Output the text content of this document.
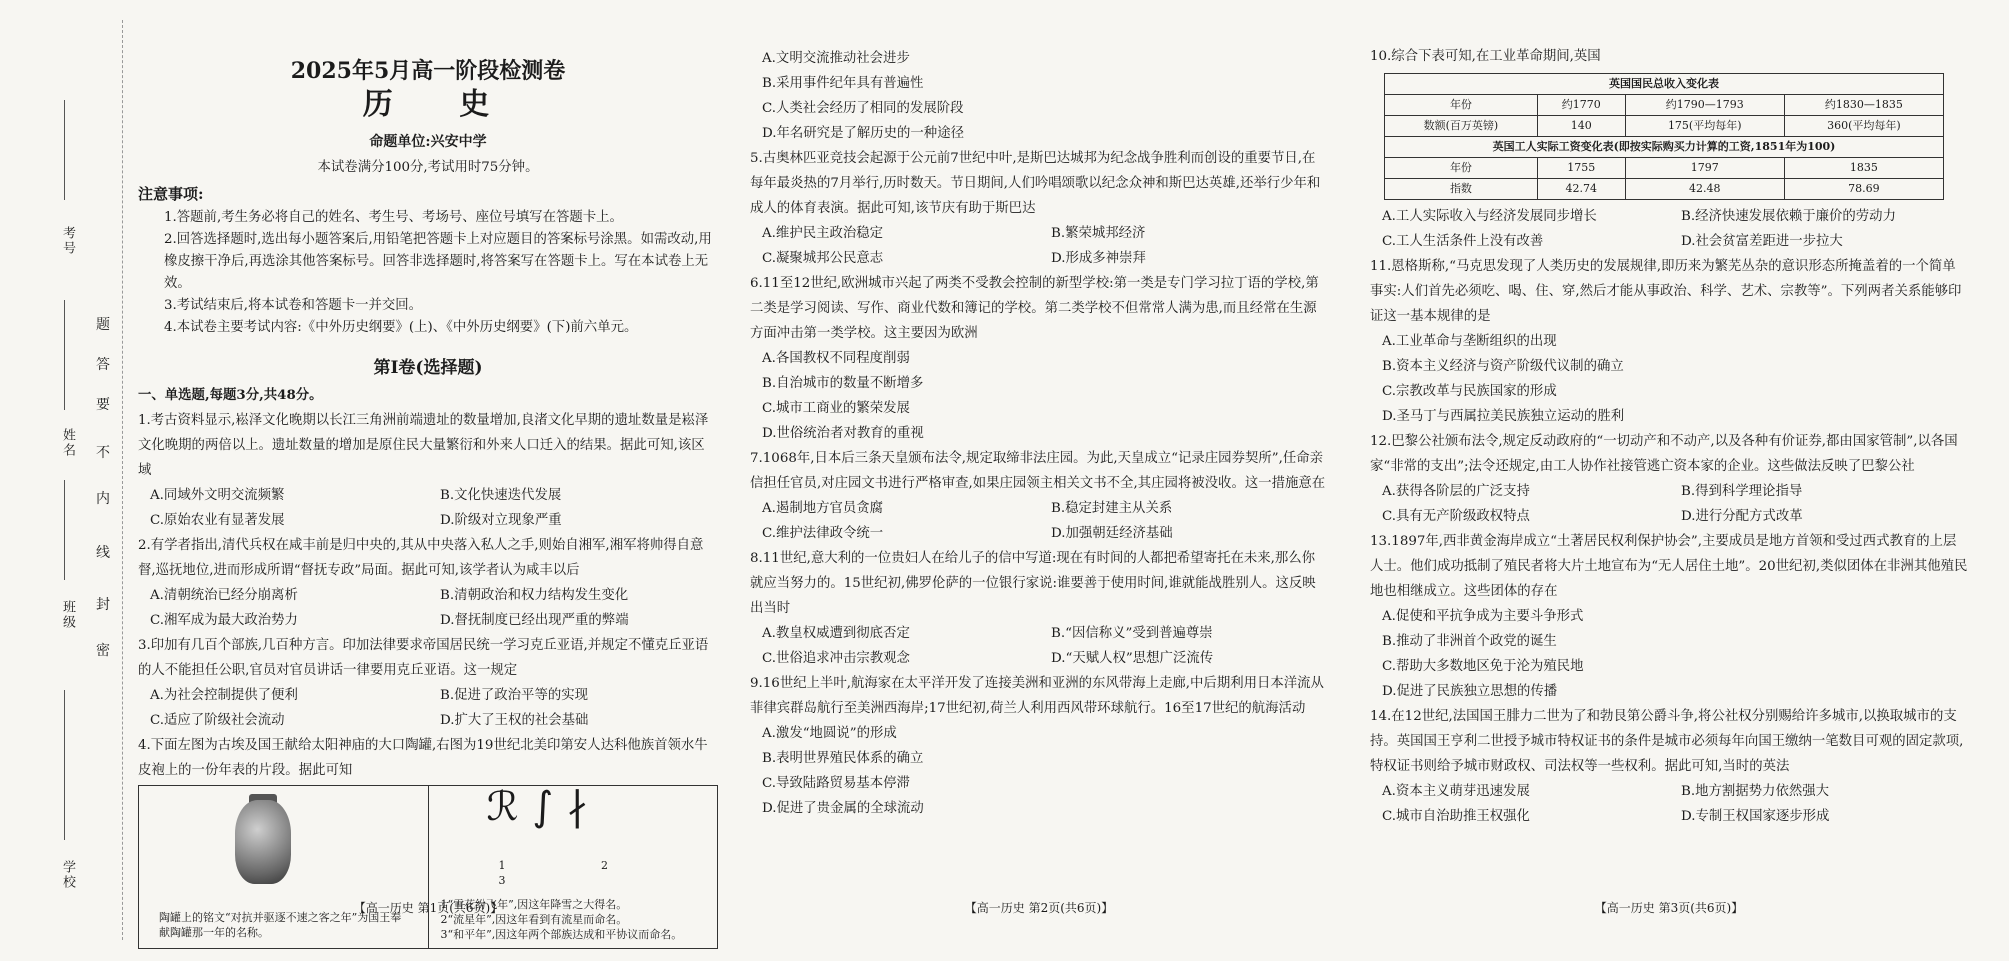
考号
姓名
班级
学校
密
封
线
内
不
要
答
题
2025年5月高一阶段检测卷
历 史
命题单位:兴安中学
本试卷满分100分,考试用时75分钟。
注意事项:
1.答题前,考生务必将自己的姓名、考生号、考场号、座位号填写在答题卡上。
2.回答选择题时,选出每小题答案后,用铅笔把答题卡上对应题目的答案标号涂黑。如需改动,用橡皮擦干净后,再选涂其他答案标号。回答非选择题时,将答案写在答题卡上。写在本试卷上无效。
3.考试结束后,将本试卷和答题卡一并交回。
4.本试卷主要考试内容:《中外历史纲要》(上)、《中外历史纲要》(下)前六单元。
第Ⅰ卷(选择题)
一、单选题,每题3分,共48分。
1.考古资料显示,崧泽文化晚期以长江三角洲前端遗址的数量增加,良渚文化早期的遗址数量是崧泽文化晚期的两倍以上。遗址数量的增加是原住民大量繁衍和外来人口迁入的结果。据此可知,该区域
A.同域外文明交流频繁	B.文化快速迭代发展
C.原始农业有显著发展	D.阶级对立现象严重
2.有学者指出,清代兵权在咸丰前是归中央的,其从中央落入私人之手,则始自湘军,湘军将帅得自意督,巡抚地位,进而形成所谓“督抚专政”局面。据此可知,该学者认为咸丰以后
A.清朝统治已经分崩离析	B.清朝政治和权力结构发生变化
C.湘军成为最大政治势力	D.督抚制度已经出现严重的弊端
3.印加有几百个部族,几百种方言。印加法律要求帝国居民统一学习克丘亚语,并规定不懂克丘亚语的人不能担任公职,官员对官员讲话一律要用克丘亚语。这一规定
A.为社会控制提供了便利	B.促进了政治平等的实现
C.适应了阶级社会流动	D.扩大了王权的社会基础
4.下面左图为古埃及国王献给太阳神庙的大口陶罐,右图为19世纪北美印第安人达科他族首领水牛皮袍上的一份年表的片段。据此可知
陶罐上的铭文“对抗并驱逐不速之客之年”为国王奉献陶罐那一年的名称。
ℛ∫∤
1 2 3
1“雪花纷飞年”,因这年降雪之大得名。
2“流星年”,因这年看到有流星而命名。
3“和平年”,因这年两个部族达成和平协议而命名。
【高一历史 第1页(共6页)】
A.文明交流推动社会进步
B.采用事件纪年具有普遍性
C.人类社会经历了相同的发展阶段
D.年名研究是了解历史的一种途径
5.古奥林匹亚竞技会起源于公元前7世纪中叶,是斯巴达城邦为纪念战争胜利而创设的重要节日,在每年最炎热的7月举行,历时数天。节日期间,人们吟唱颂歌以纪念众神和斯巴达英雄,还举行少年和成人的体育表演。据此可知,该节庆有助于斯巴达
A.维护民主政治稳定	B.繁荣城邦经济
C.凝聚城邦公民意志	D.形成多神崇拜
6.11至12世纪,欧洲城市兴起了两类不受教会控制的新型学校:第一类是专门学习拉丁语的学校,第二类是学习阅读、写作、商业代数和簿记的学校。第二类学校不但常常人满为患,而且经常在生源方面冲击第一类学校。这主要因为欧洲
A.各国教权不同程度削弱
B.自治城市的数量不断增多
C.城市工商业的繁荣发展
D.世俗统治者对教育的重视
7.1068年,日本后三条天皇颁布法令,规定取缔非法庄园。为此,天皇成立“记录庄园券契所”,任命亲信担任官员,对庄园文书进行严格审查,如果庄园领主相关文书不全,其庄园将被没收。这一措施意在
A.遏制地方官员贪腐	B.稳定封建主从关系
C.维护法律政令统一	D.加强朝廷经济基础
8.11世纪,意大利的一位贵妇人在给儿子的信中写道:现在有时间的人都把希望寄托在未来,那么你就应当努力的。15世纪初,佛罗伦萨的一位银行家说:谁要善于使用时间,谁就能战胜别人。这反映出当时
A.教皇权威遭到彻底否定	B.“因信称义”受到普遍尊崇
C.世俗追求冲击宗教观念	D.“天赋人权”思想广泛流传
9.16世纪上半叶,航海家在太平洋开发了连接美洲和亚洲的东风带海上走廊,中后期利用日本洋流从菲律宾群岛航行至美洲西海岸;17世纪初,荷兰人利用西风带环球航行。16至17世纪的航海活动
A.激发“地圆说”的形成
B.表明世界殖民体系的确立
C.导致陆路贸易基本停滞
D.促进了贵金属的全球流动
【高一历史 第2页(共6页)】
10.综合下表可知,在工业革命期间,英国
英国国民总收入变化表			
年份	约1770	约1790—1793	约1830—1835
数额(百万英镑)	140	175(平均每年)	360(平均每年)
英国工人实际工资变化表(即按实际购买力计算的工资,1851年为100)			
年份	1755	1797	1835
指数	42.74	42.48	78.69
A.工人实际收入与经济发展同步增长	B.经济快速发展依赖于廉价的劳动力
C.工人生活条件上没有改善	D.社会贫富差距进一步拉大
11.恩格斯称,“马克思发现了人类历史的发展规律,即历来为繁芜丛杂的意识形态所掩盖着的一个简单事实:人们首先必须吃、喝、住、穿,然后才能从事政治、科学、艺术、宗教等”。下列两者关系能够印证这一基本规律的是
A.工业革命与垄断组织的出现
B.资本主义经济与资产阶级代议制的确立
C.宗教改革与民族国家的形成
D.圣马丁与西属拉美民族独立运动的胜利
12.巴黎公社颁布法令,规定反动政府的“一切动产和不动产,以及各种有价证券,都由国家管制”,以各国家“非常的支出”;法令还规定,由工人协作社接管逃亡资本家的企业。这些做法反映了巴黎公社
A.获得各阶层的广泛支持	B.得到科学理论指导
C.具有无产阶级政权特点	D.进行分配方式改革
13.1897年,西非黄金海岸成立“土著居民权利保护协会”,主要成员是地方首领和受过西式教育的上层人士。他们成功抵制了殖民者将大片土地宣布为“无人居住土地”。20世纪初,类似团体在非洲其他殖民地也相继成立。这些团体的存在
A.促使和平抗争成为主要斗争形式
B.推动了非洲首个政党的诞生
C.帮助大多数地区免于沦为殖民地
D.促进了民族独立思想的传播
14.在12世纪,法国国王腓力二世为了和勃艮第公爵斗争,将公社权分别赐给许多城市,以换取城市的支持。英国国王亨利二世授予城市特权证书的条件是城市必须每年向国王缴纳一笔数目可观的固定款项,特权证书则给予城市财政权、司法权等一些权利。据此可知,当时的英法
A.资本主义萌芽迅速发展	B.地方割据势力依然强大
C.城市自治助推王权强化	D.专制王权国家逐步形成
【高一历史 第3页(共6页)】
